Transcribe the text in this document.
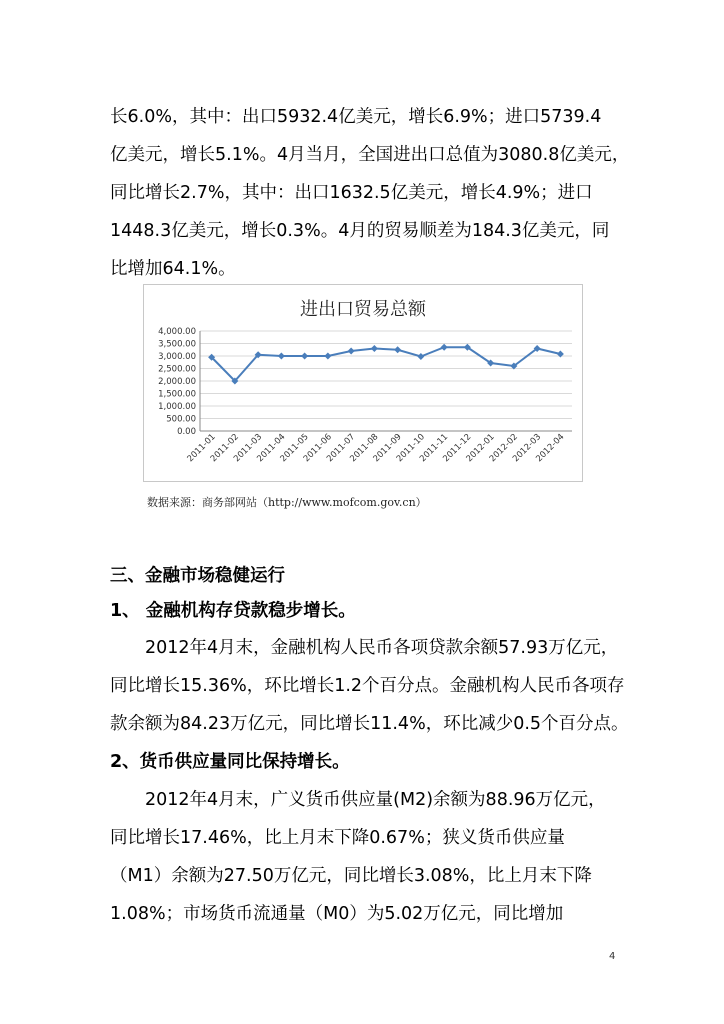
长6.0%，其中：出口5932.4亿美元，增长6.9%；进口5739.4
亿美元，增长5.1%。4月当月，全国进出口总值为3080.8亿美元，
同比增长2.7%，其中：出口1632.5亿美元，增长4.9%；进口
1448.3亿美元，增长0.3%。4月的贸易顺差为184.3亿美元，同
比增加64.1%。
进出口贸易总额
4,000.00
3,500.00
3,000.00
2,500.00
2,000.00
1,500.00
1,000.00
500.00
0.00
2011-01
2011-02
2011-03
2011-04
2011-05
2011-06
2011-07
2011-08
2011-09
2011-10
2011-11
2011-12
2012-01
2012-02
2012-03
2012-04
数据来源：商务部网站（http://www.mofcom.gov.cn）
三、金融市场稳健运行
1、 金融机构存贷款稳步增长。
　　2012年4月末，金融机构人民币各项贷款余额57.93万亿元，
同比增长15.36%，环比增长1.2个百分点。金融机构人民币各项存
款余额为84.23万亿元，同比增长11.4%，环比减少0.5个百分点。
2、货币供应量同比保持增长。
　　2012年4月末，广义货币供应量(M2)余额为88.96万亿元，
同比增长17.46%，比上月末下降0.67%；狭义货币供应量
（M1）余额为27.50万亿元，同比增长3.08%，比上月末下降
1.08%；市场货币流通量（M0）为5.02万亿元，同比增加
4
